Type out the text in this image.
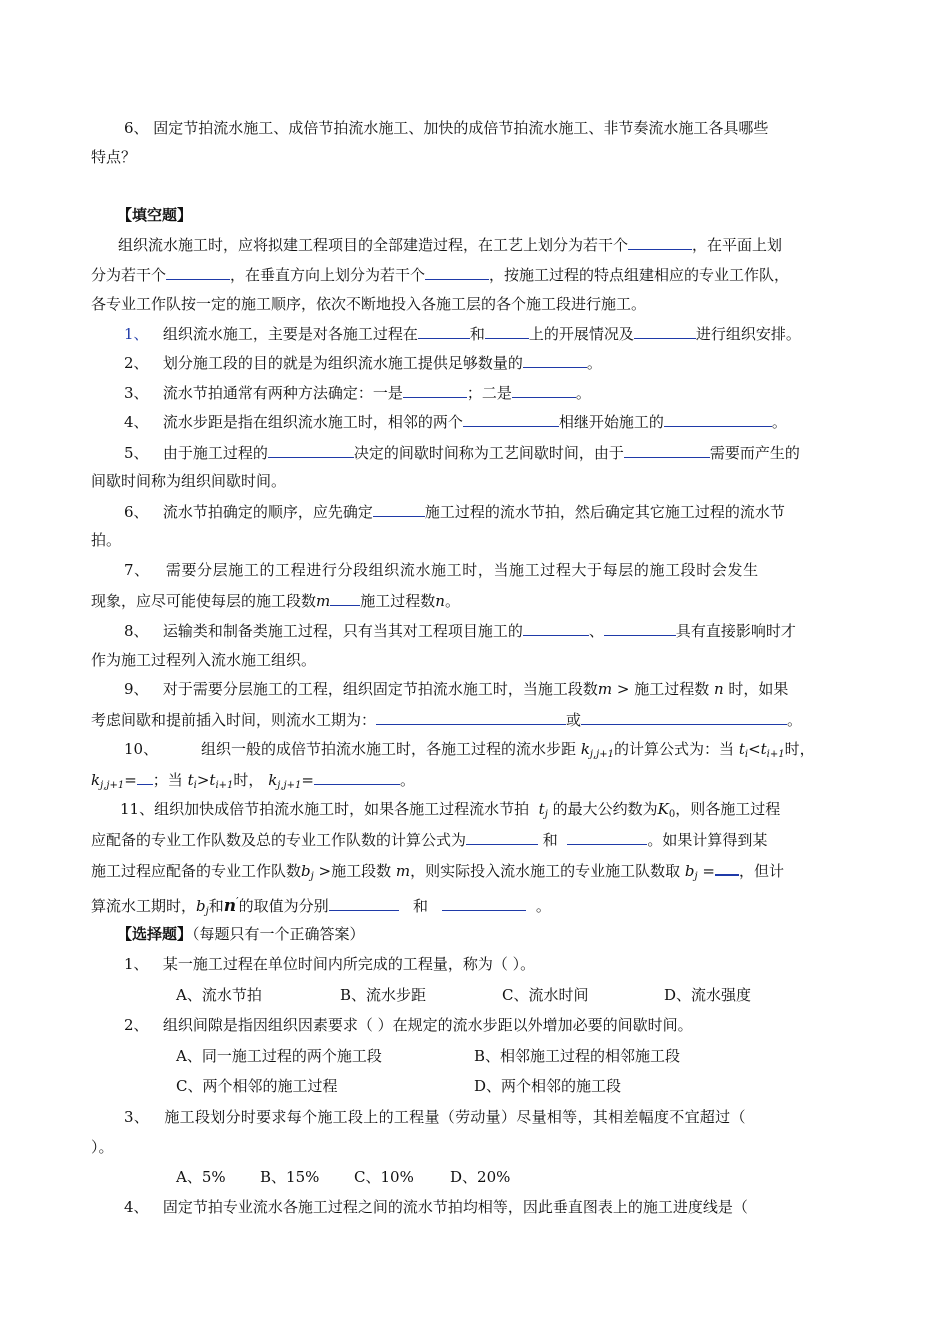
6、 固定节拍流水施工、成倍节拍流水施工、加快的成倍节拍流水施工、非节奏流水施工各具哪些
特点？
【填空题】
组织流水施工时，应将拟建工程项目的全部建造过程，在工艺上划分为若干个	，在平面上划
分为若干个	，在垂直方向上划分为若干个	，按施工过程的特点组建相应的专业工作队，
各专业工作队按一定的施工顺序，依次不断地投入各施工层的各个施工段进行施工。
1、 组织流水施工，主要是对各施工过程在	和	上的开展情况及	进行组织安排。
2、 划分施工段的目的就是为组织流水施工提供足够数量的	。
3、 流水节拍通常有两种方法确定：一是	；二是	。
4、 流水步距是指在组织流水施工时，相邻的两个	相继开始施工的	。
5、 由于施工过程的	决定的间歇时间称为工艺间歇时间，由于	需要而产生的
间歇时间称为组织间歇时间。
6、 流水节拍确定的顺序，应先确定	施工过程的流水节拍，然后确定其它施工过程的流水节
拍。
7、 需要分层施工的工程进行分段组织流水施工时，当施工过程大于每层的施工段时会发生
现象，应尽可能使每层的施工段数m 施工过程数n。
8、 运输类和制备类施工过程，只有当其对工程项目施工的	、	具有直接影响时才
作为施工过程列入流水施工组织。
9、 对于需要分层施工的工程，组织固定节拍流水施工时，当施工段数m > 施工过程数 n 时，如果
考虑间歇和提前插入时间，则流水工期为：	或	。
10、	组织一般的成倍节拍流水施工时，各施工过程的流水步距 $k_{j,j+1}$的计算公式为：当 $t_i<t_{i+1}$时，
$k_{j,j+1}=$ ；当 $t_i>t_{i+1}$时， $k_{j,j+1}=$	。
11、组织加快成倍节拍流水施工时，如果各施工过程流水节拍 $t_j$ 的最大公约数为$K_0$，则各施工过程
应配备的专业工作队数及总的专业工作队数的计算公式为	和	。如果计算得到某
施工过程应配备的专业工作队数$b_j$ >施工段数 m，则实际投入流水施工的专业施工队数取 $b_j$ = ，但计
算流水工期时，$b_j$和n′的取值为分别	和	。
【选择题】（每题只有一个正确答案）
1、 某一施工过程在单位时间内所完成的工程量，称为（ ）。
A、流水节拍	B、流水步距	C、流水时间	D、流水强度
2、 组织间隙是指因组织因素要求（ ）在规定的流水步距以外增加必要的间歇时间。
A、同一施工过程的两个施工段	B、相邻施工过程的相邻施工段
C、两个相邻的施工过程	D、两个相邻的施工段
3、 施工段划分时要求每个施工段上的工程量（劳动量）尽量相等，其相差幅度不宜超过（
）。
A、5% B、15% C、10% D、20%
4、 固定节拍专业流水各施工过程之间的流水节拍均相等，因此垂直图表上的施工进度线是（
